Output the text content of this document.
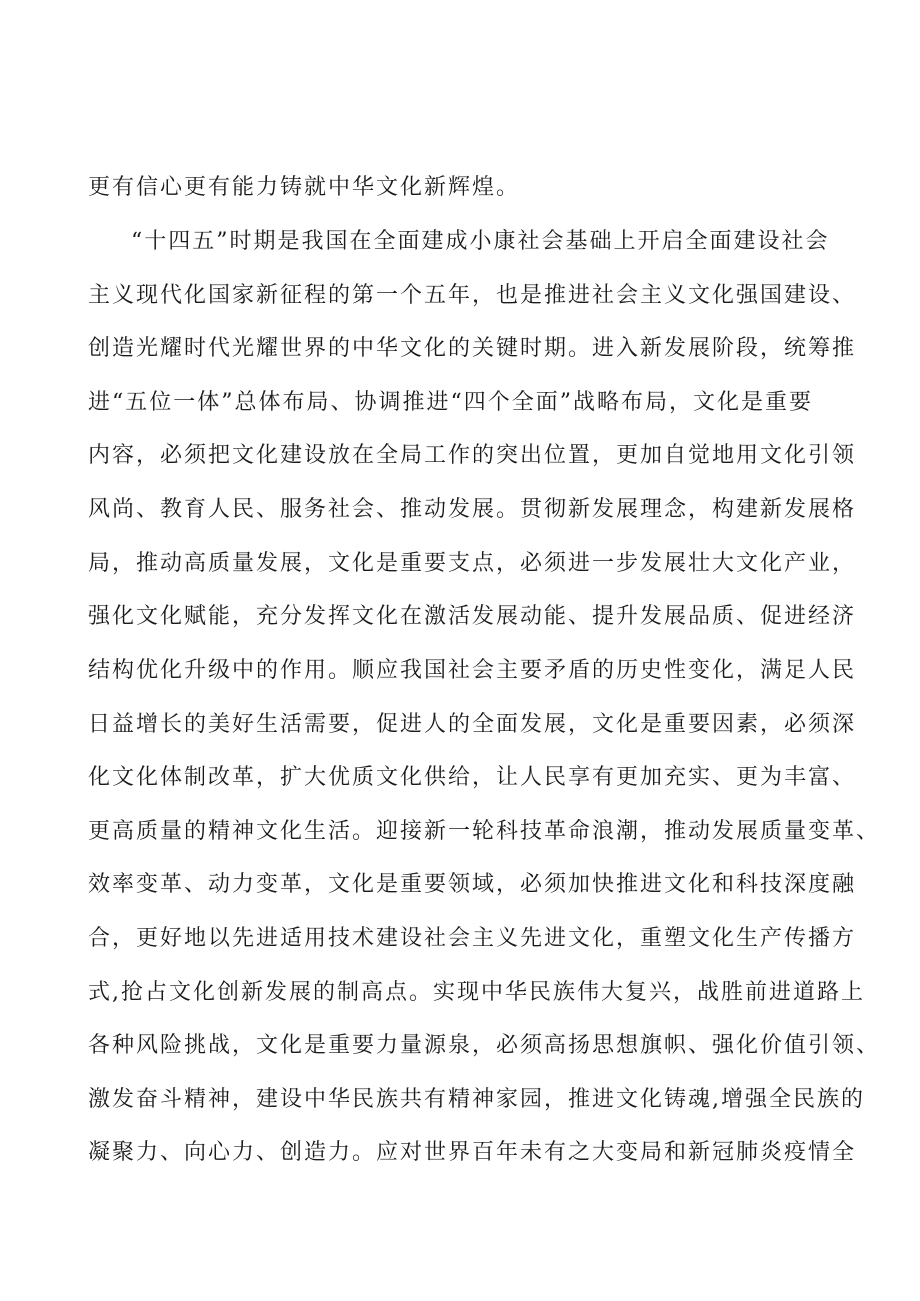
更有信心更有能力铸就中华文化新辉煌。

“十四五”时期是我国在全面建成小康社会基础上开启全面建设社会

主义现代化国家新征程的第一个五年，也是推进社会主义文化强国建设、

创造光耀时代光耀世界的中华文化的关键时期。进入新发展阶段，统筹推

进“五位一体”总体布局、协调推进“四个全面”战略布局，文化是重要

内容，必须把文化建设放在全局工作的突出位置，更加自觉地用文化引领

风尚、教育人民、服务社会、推动发展。贯彻新发展理念，构建新发展格

局，推动高质量发展，文化是重要支点，必须进一步发展壮大文化产业，

强化文化赋能，充分发挥文化在激活发展动能、提升发展品质、促进经济

结构优化升级中的作用。顺应我国社会主要矛盾的历史性变化，满足人民

日益增长的美好生活需要，促进人的全面发展，文化是重要因素，必须深

化文化体制改革，扩大优质文化供给，让人民享有更加充实、更为丰富、

更高质量的精神文化生活。迎接新一轮科技革命浪潮，推动发展质量变革、

效率变革、动力变革，文化是重要领域，必须加快推进文化和科技深度融

合，更好地以先进适用技术建设社会主义先进文化，重塑文化生产传播方

式,抢占文化创新发展的制高点。实现中华民族伟大复兴，战胜前进道路上

各种风险挑战，文化是重要力量源泉，必须高扬思想旗帜、强化价值引领、

激发奋斗精神，建设中华民族共有精神家园，推进文化铸魂,增强全民族的

凝聚力、向心力、创造力。应对世界百年未有之大变局和新冠肺炎疫情全
